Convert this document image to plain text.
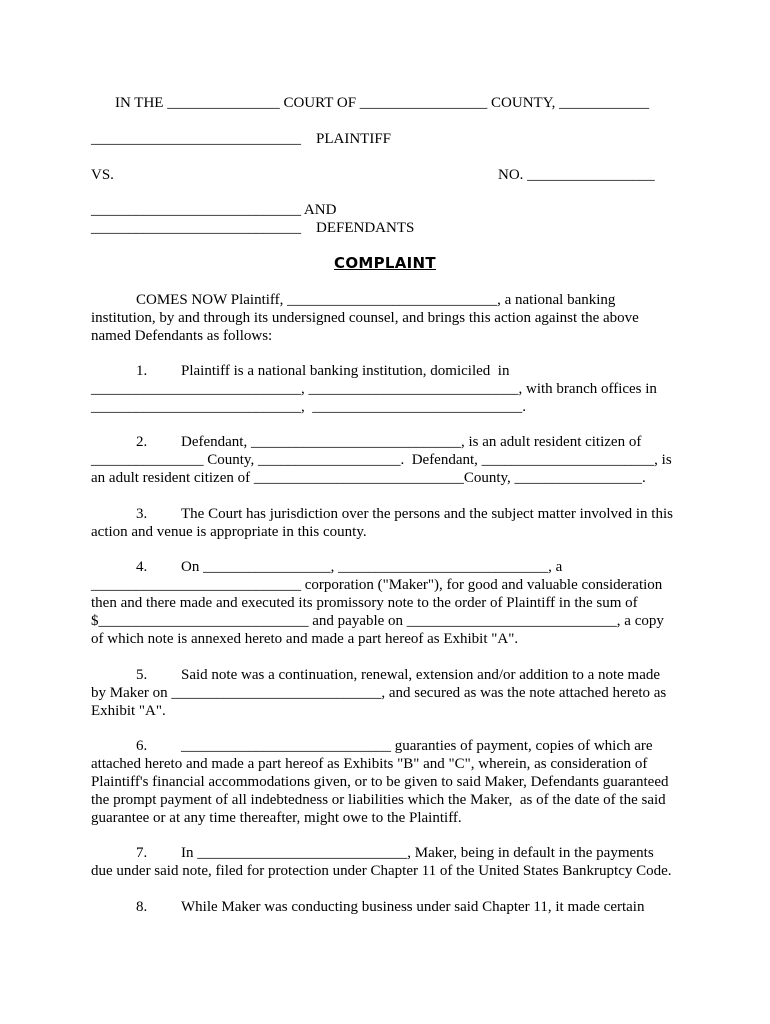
IN THE _______________ COURT OF _________________ COUNTY, ____________
____________________________    PLAINTIFF
VS.	NO. _________________
____________________________ AND
____________________________    DEFENDANTS
COMPLAINT
COMES NOW Plaintiff, ____________________________, a national banking
institution, by and through its undersigned counsel, and brings this action against the above
named Defendants as follows:
1.	Plaintiff is a national banking institution, domiciled  in
____________________________, ____________________________, with branch offices in
____________________________,  ____________________________.
2.	Defendant, ____________________________, is an adult resident citizen of
_______________ County, ___________________.  Defendant, _______________________, is
an adult resident citizen of ____________________________County, _________________.
3.	The Court has jurisdiction over the persons and the subject matter involved in this
action and venue is appropriate in this county.
4.	On _________________, ____________________________, a
____________________________ corporation ("Maker"), for good and valuable consideration
then and there made and executed its promissory note to the order of Plaintiff in the sum of
$____________________________ and payable on ____________________________, a copy
of which note is annexed hereto and made a part hereof as Exhibit "A".
5.	Said note was a continuation, renewal, extension and/or addition to a note made
by Maker on ____________________________, and secured as was the note attached hereto as
Exhibit "A".
6.	____________________________ guaranties of payment, copies of which are
attached hereto and made a part hereof as Exhibits "B" and "C", wherein, as consideration of
Plaintiff's financial accommodations given, or to be given to said Maker, Defendants guaranteed
the prompt payment of all indebtedness or liabilities which the Maker,  as of the date of the said
guarantee or at any time thereafter, might owe to the Plaintiff.
7.	In ____________________________, Maker, being in default in the payments
due under said note, filed for protection under Chapter 11 of the United States Bankruptcy Code.
8.	While Maker was conducting business under said Chapter 11, it made certain
